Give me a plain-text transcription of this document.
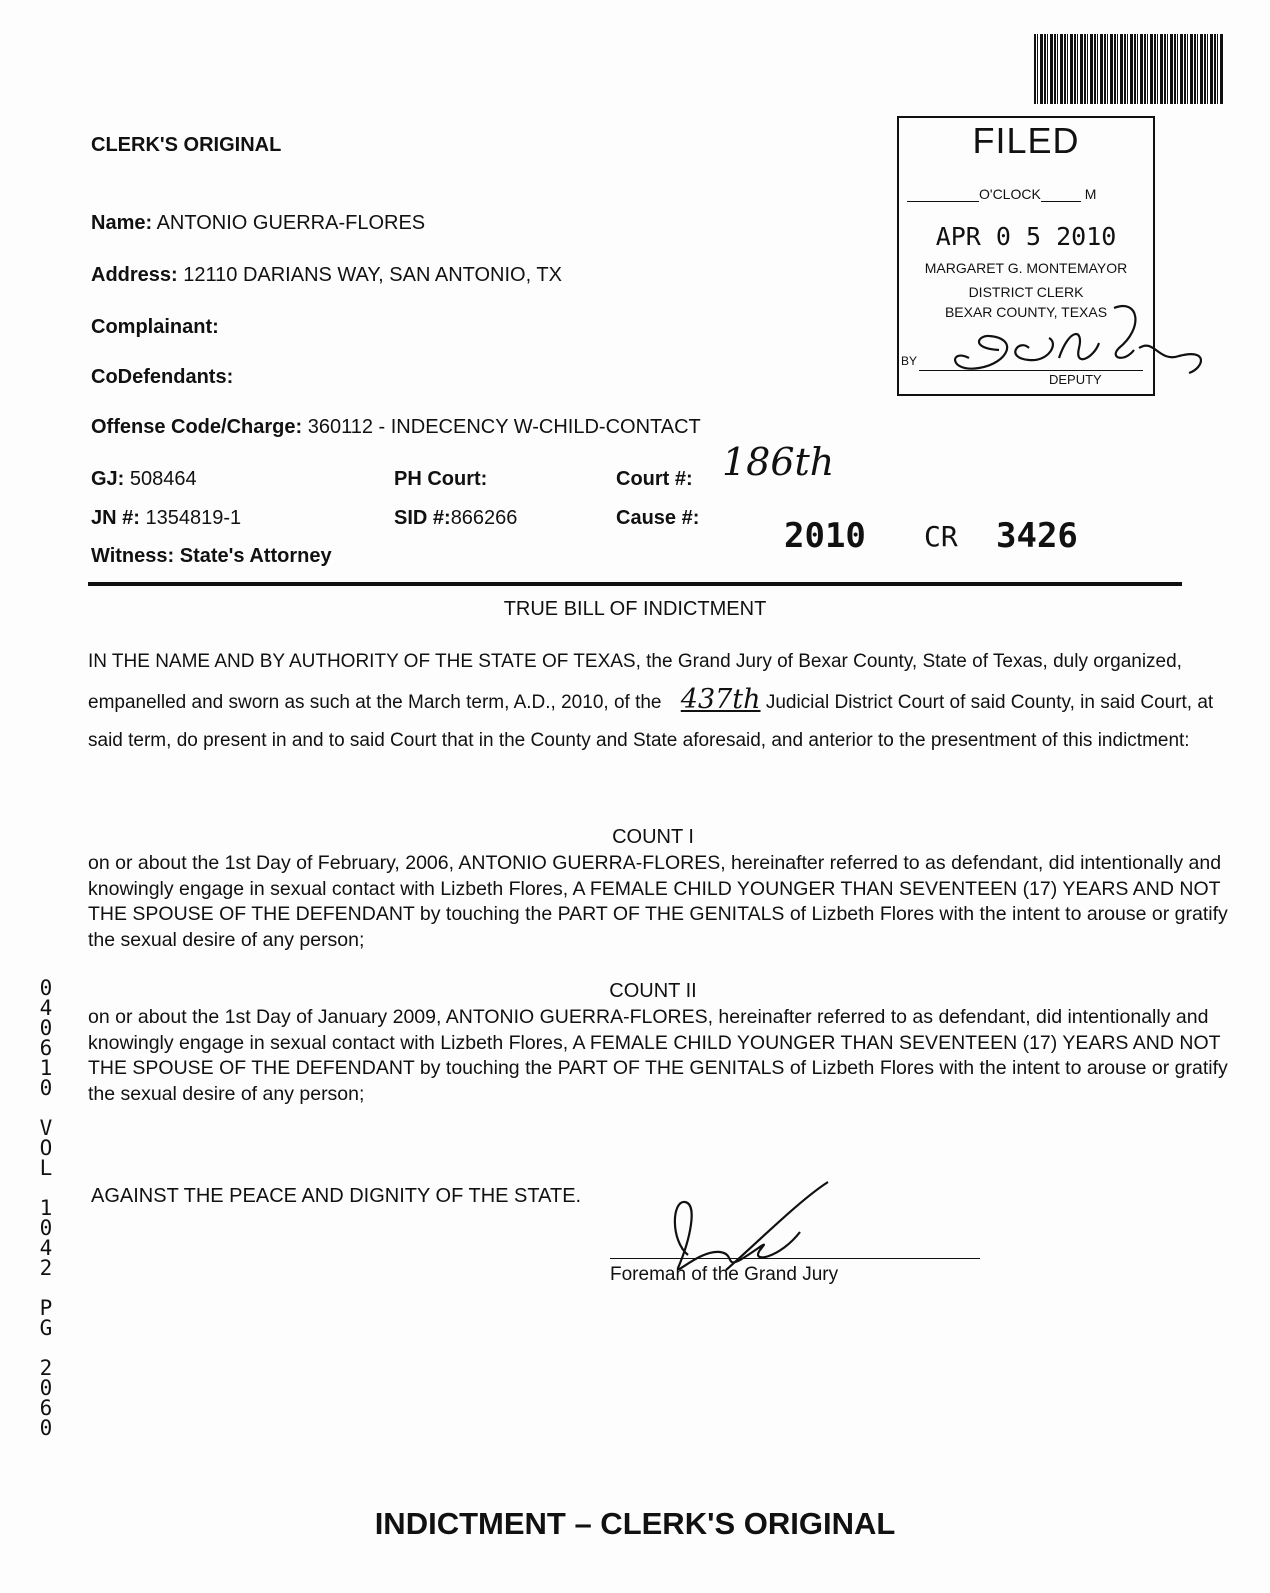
FILED
O'CLOCK	M
APR 0 5 2010
MARGARET G. MONTEMAYOR
DISTRICT CLERK
BEXAR COUNTY, TEXAS
BY
DEPUTY
CLERK'S ORIGINAL
Name: ANTONIO GUERRA-FLORES
Address: 12110 DARIANS WAY, SAN ANTONIO, TX
Complainant:
CoDefendants:
Offense Code/Charge: 360112 - INDECENCY W-CHILD-CONTACT
GJ: 508464	PH Court:	Court #: 186th
JN #: 1354819-1	SID #:866266	Cause #: 2010 CR 3426
Witness: State's Attorney
TRUE BILL OF INDICTMENT
IN THE NAME AND BY AUTHORITY OF THE STATE OF TEXAS, the Grand Jury of Bexar County, State of Texas, duly organized, empanelled and sworn as such at the March term, A.D., 2010, of the 437th Judicial District Court of said County, in said Court, at said term, do present in and to said Court that in the County and State aforesaid, and anterior to the presentment of this indictment:
COUNT I
on or about the 1st Day of February, 2006, ANTONIO GUERRA-FLORES, hereinafter referred to as defendant, did intentionally and knowingly engage in sexual contact with Lizbeth Flores, A FEMALE CHILD YOUNGER THAN SEVENTEEN (17) YEARS AND NOT THE SPOUSE OF THE DEFENDANT by touching the PART OF THE GENITALS of Lizbeth Flores with the intent to arouse or gratify the sexual desire of any person;
COUNT II
on or about the 1st Day of January 2009, ANTONIO GUERRA-FLORES, hereinafter referred to as defendant, did intentionally and knowingly engage in sexual contact with Lizbeth Flores, A FEMALE CHILD YOUNGER THAN SEVENTEEN (17) YEARS AND NOT THE SPOUSE OF THE DEFENDANT by touching the PART OF THE GENITALS of Lizbeth Flores with the intent to arouse or gratify the sexual desire of any person;
AGAINST THE PEACE AND DIGNITY OF THE STATE.
Foreman of the Grand Jury
0
4
0
6
1
0

V
O
L

1
0
4
2

P
G

2
0
6
0
INDICTMENT – CLERK'S ORIGINAL
